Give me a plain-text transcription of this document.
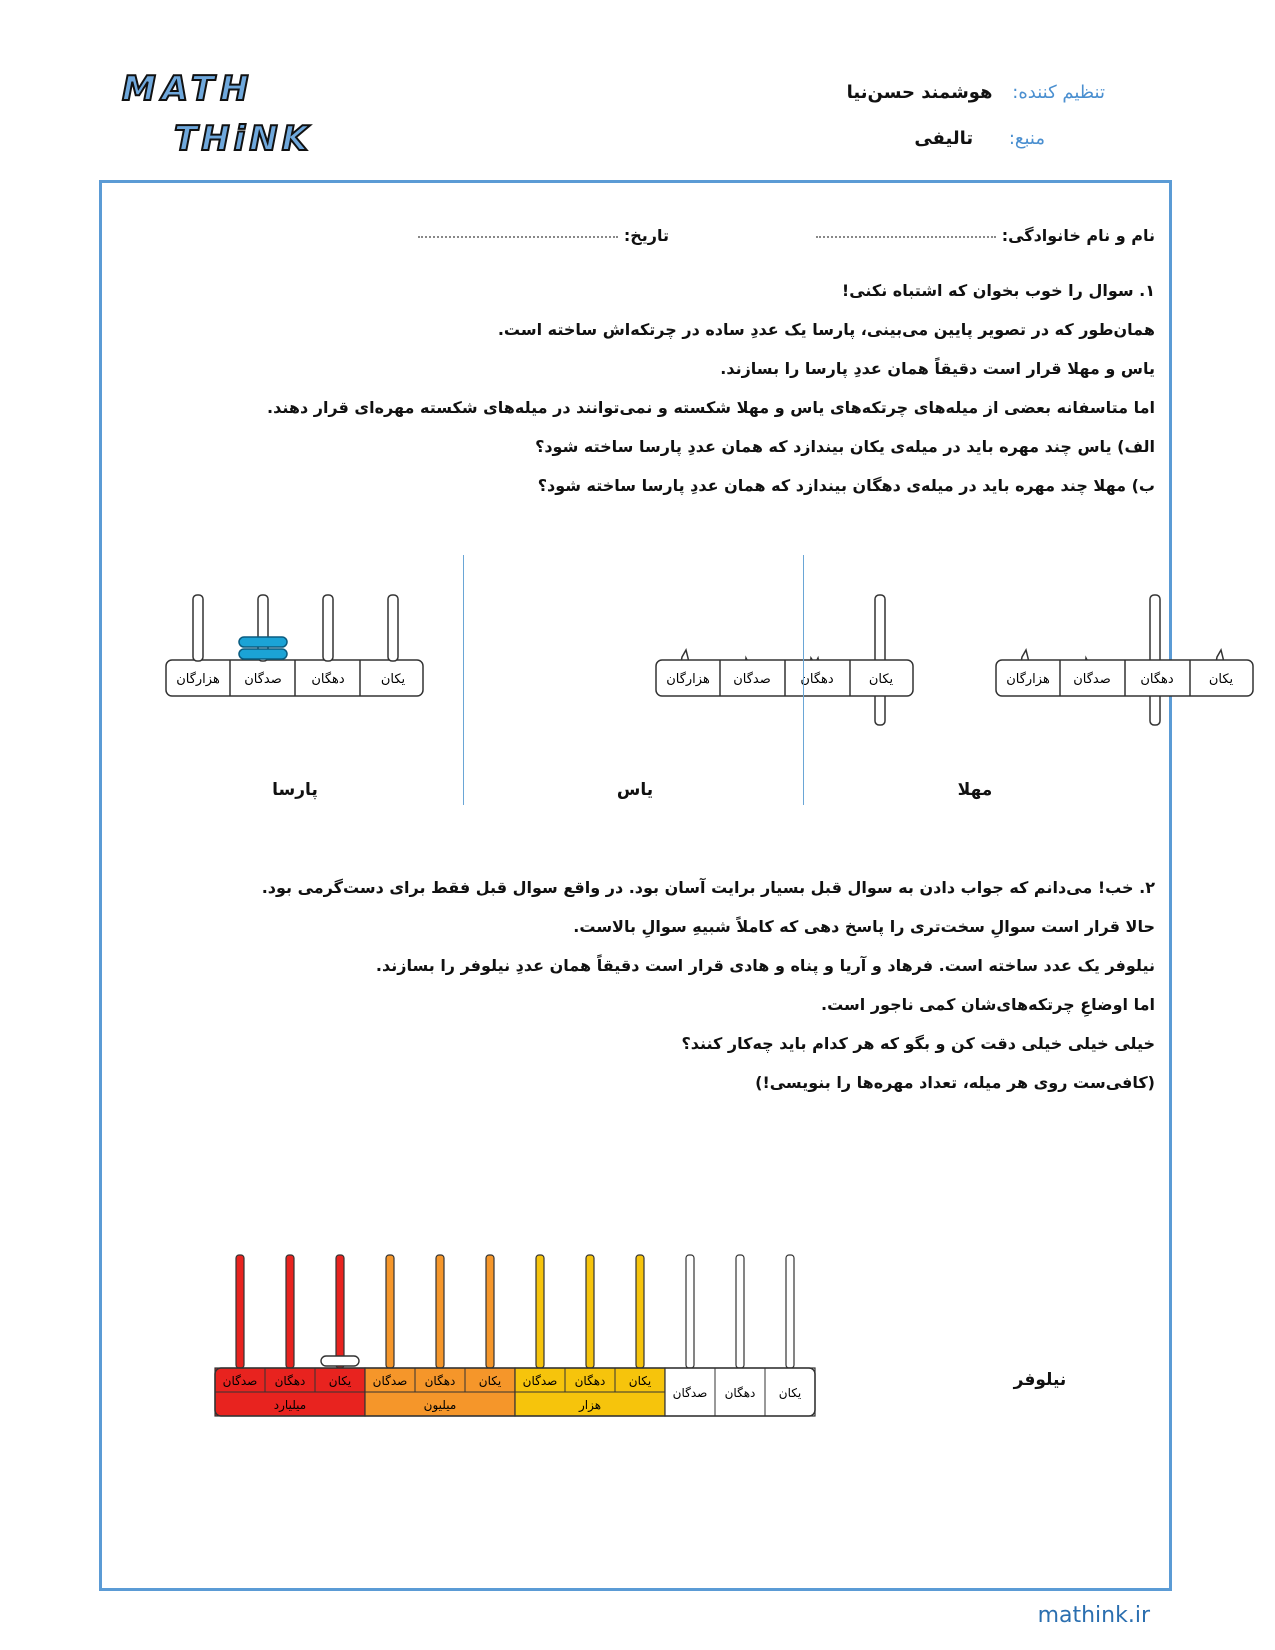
MATH
THiNK
تنظیم کننده: هوشمند حسن‌نیا
منبع: تالیفی
نام و نام خانوادگی:
تاریخ:
۱. سوال را خوب بخوان که اشتباه نکنی!
همان‌طور که در تصویر پایین می‌بینی، پارسا یک عددِ ساده در چرتکه‌اش ساخته است.
یاس و مهلا قرار است دقیقاً همان عددِ پارسا را بسازند.
اما متاسفانه بعضی از میله‌های چرتکه‌های یاس و مهلا شکسته و نمی‌توانند در میله‌های شکسته مهره‌ای قرار دهند.
الف) یاس چند مهره باید در میله‌ی یکان بیندازد که همان عددِ پارسا ساخته شود؟
ب) مهلا چند مهره باید در میله‌ی دهگان بیندازد که همان عددِ پارسا ساخته شود؟
هزارگان صدگان دهگان	یکان	هزارگان صدگان دهگان	یکان
هزارگان صدگان دهگان	یکان
پارسا	یاس	مهلا
۲. خب! می‌دانم که جواب دادن به سوال قبل بسیار برایت آسان بود. در واقع سوال قبل فقط برای دست‌گرمی بود.
حالا قرار است سوالِ سخت‌تری را پاسخ دهی که کاملاً شبیهِ سوالِ بالاست.
نیلوفر یک عدد ساخته است. فرهاد و آریا و پناه و هادی قرار است دقیقاً همان عددِ نیلوفر را بسازند.
اما اوضاعِ چرتکه‌های‌شان کمی ناجور است.
خیلی خیلی خیلی دقت کن و بگو که هر کدام باید چه‌کار کنند؟
(کافی‌ست روی هر میله، تعداد مهره‌ها را بنویسی!)
میلیارد
صدگان دهگان یکان
میلیون
صدگان دهگان یکان
هزار
صدگان دهگان یکان
صدگان دهگان یکان
نیلوفر
mathink.ir
